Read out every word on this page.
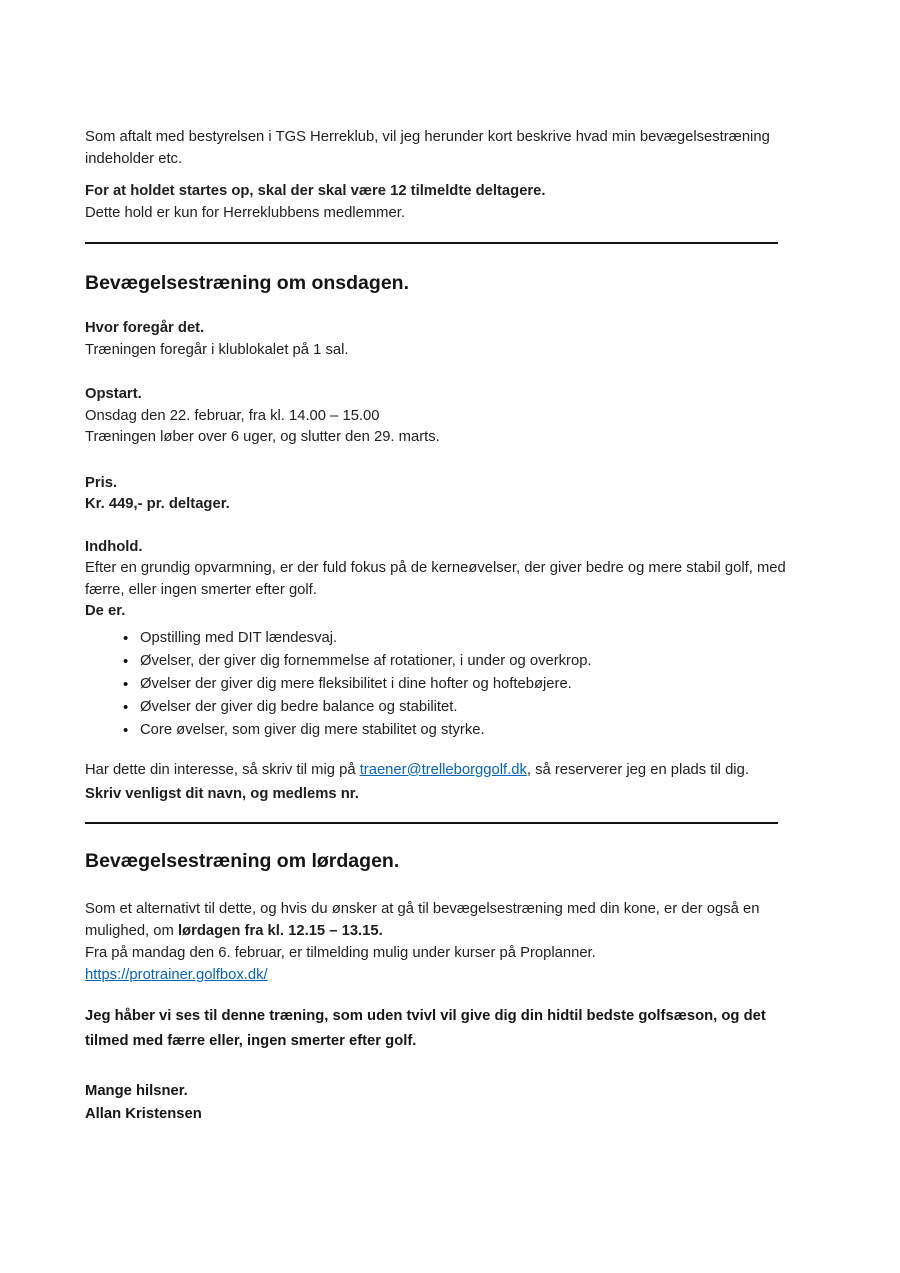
Som aftalt med bestyrelsen i TGS Herreklub, vil jeg herunder kort beskrive hvad min bevægelsestræning
indeholder etc.
For at holdet startes op, skal der skal være 12 tilmeldte deltagere.
Dette hold er kun for Herreklubbens medlemmer.
Bevægelsestræning om onsdagen.
Hvor foregår det.
Træningen foregår i klublokalet på 1 sal.
Opstart.
Onsdag den 22. februar, fra kl. 14.00 – 15.00
Træningen løber over 6 uger, og slutter den 29. marts.
Pris.
Kr. 449,- pr. deltager.
Indhold.
Efter en grundig opvarmning, er der fuld fokus på de kerneøvelser, der giver bedre og mere stabil golf, med
færre, eller ingen smerter efter golf.
De er.
• Opstilling med DIT lændesvaj.
• Øvelser, der giver dig fornemmelse af rotationer, i under og overkrop.
• Øvelser der giver dig mere fleksibilitet i dine hofter og hoftebøjere.
• Øvelser der giver dig bedre balance og stabilitet.
• Core øvelser, som giver dig mere stabilitet og styrke.
Har dette din interesse, så skriv til mig på traener@trelleborggolf.dk, så reserverer jeg en plads til dig.
Skriv venligst dit navn, og medlems nr.
Bevægelsestræning om lørdagen.
Som et alternativt til dette, og hvis du ønsker at gå til bevægelsestræning med din kone, er der også en
mulighed, om lørdagen fra kl. 12.15 – 13.15.
Fra på mandag den 6. februar, er tilmelding mulig under kurser på Proplanner.
https://protrainer.golfbox.dk/
Jeg håber vi ses til denne træning, som uden tvivl vil give dig din hidtil bedste golfsæson, og det
tilmed med færre eller, ingen smerter efter golf.
Mange hilsner.
Allan Kristensen
